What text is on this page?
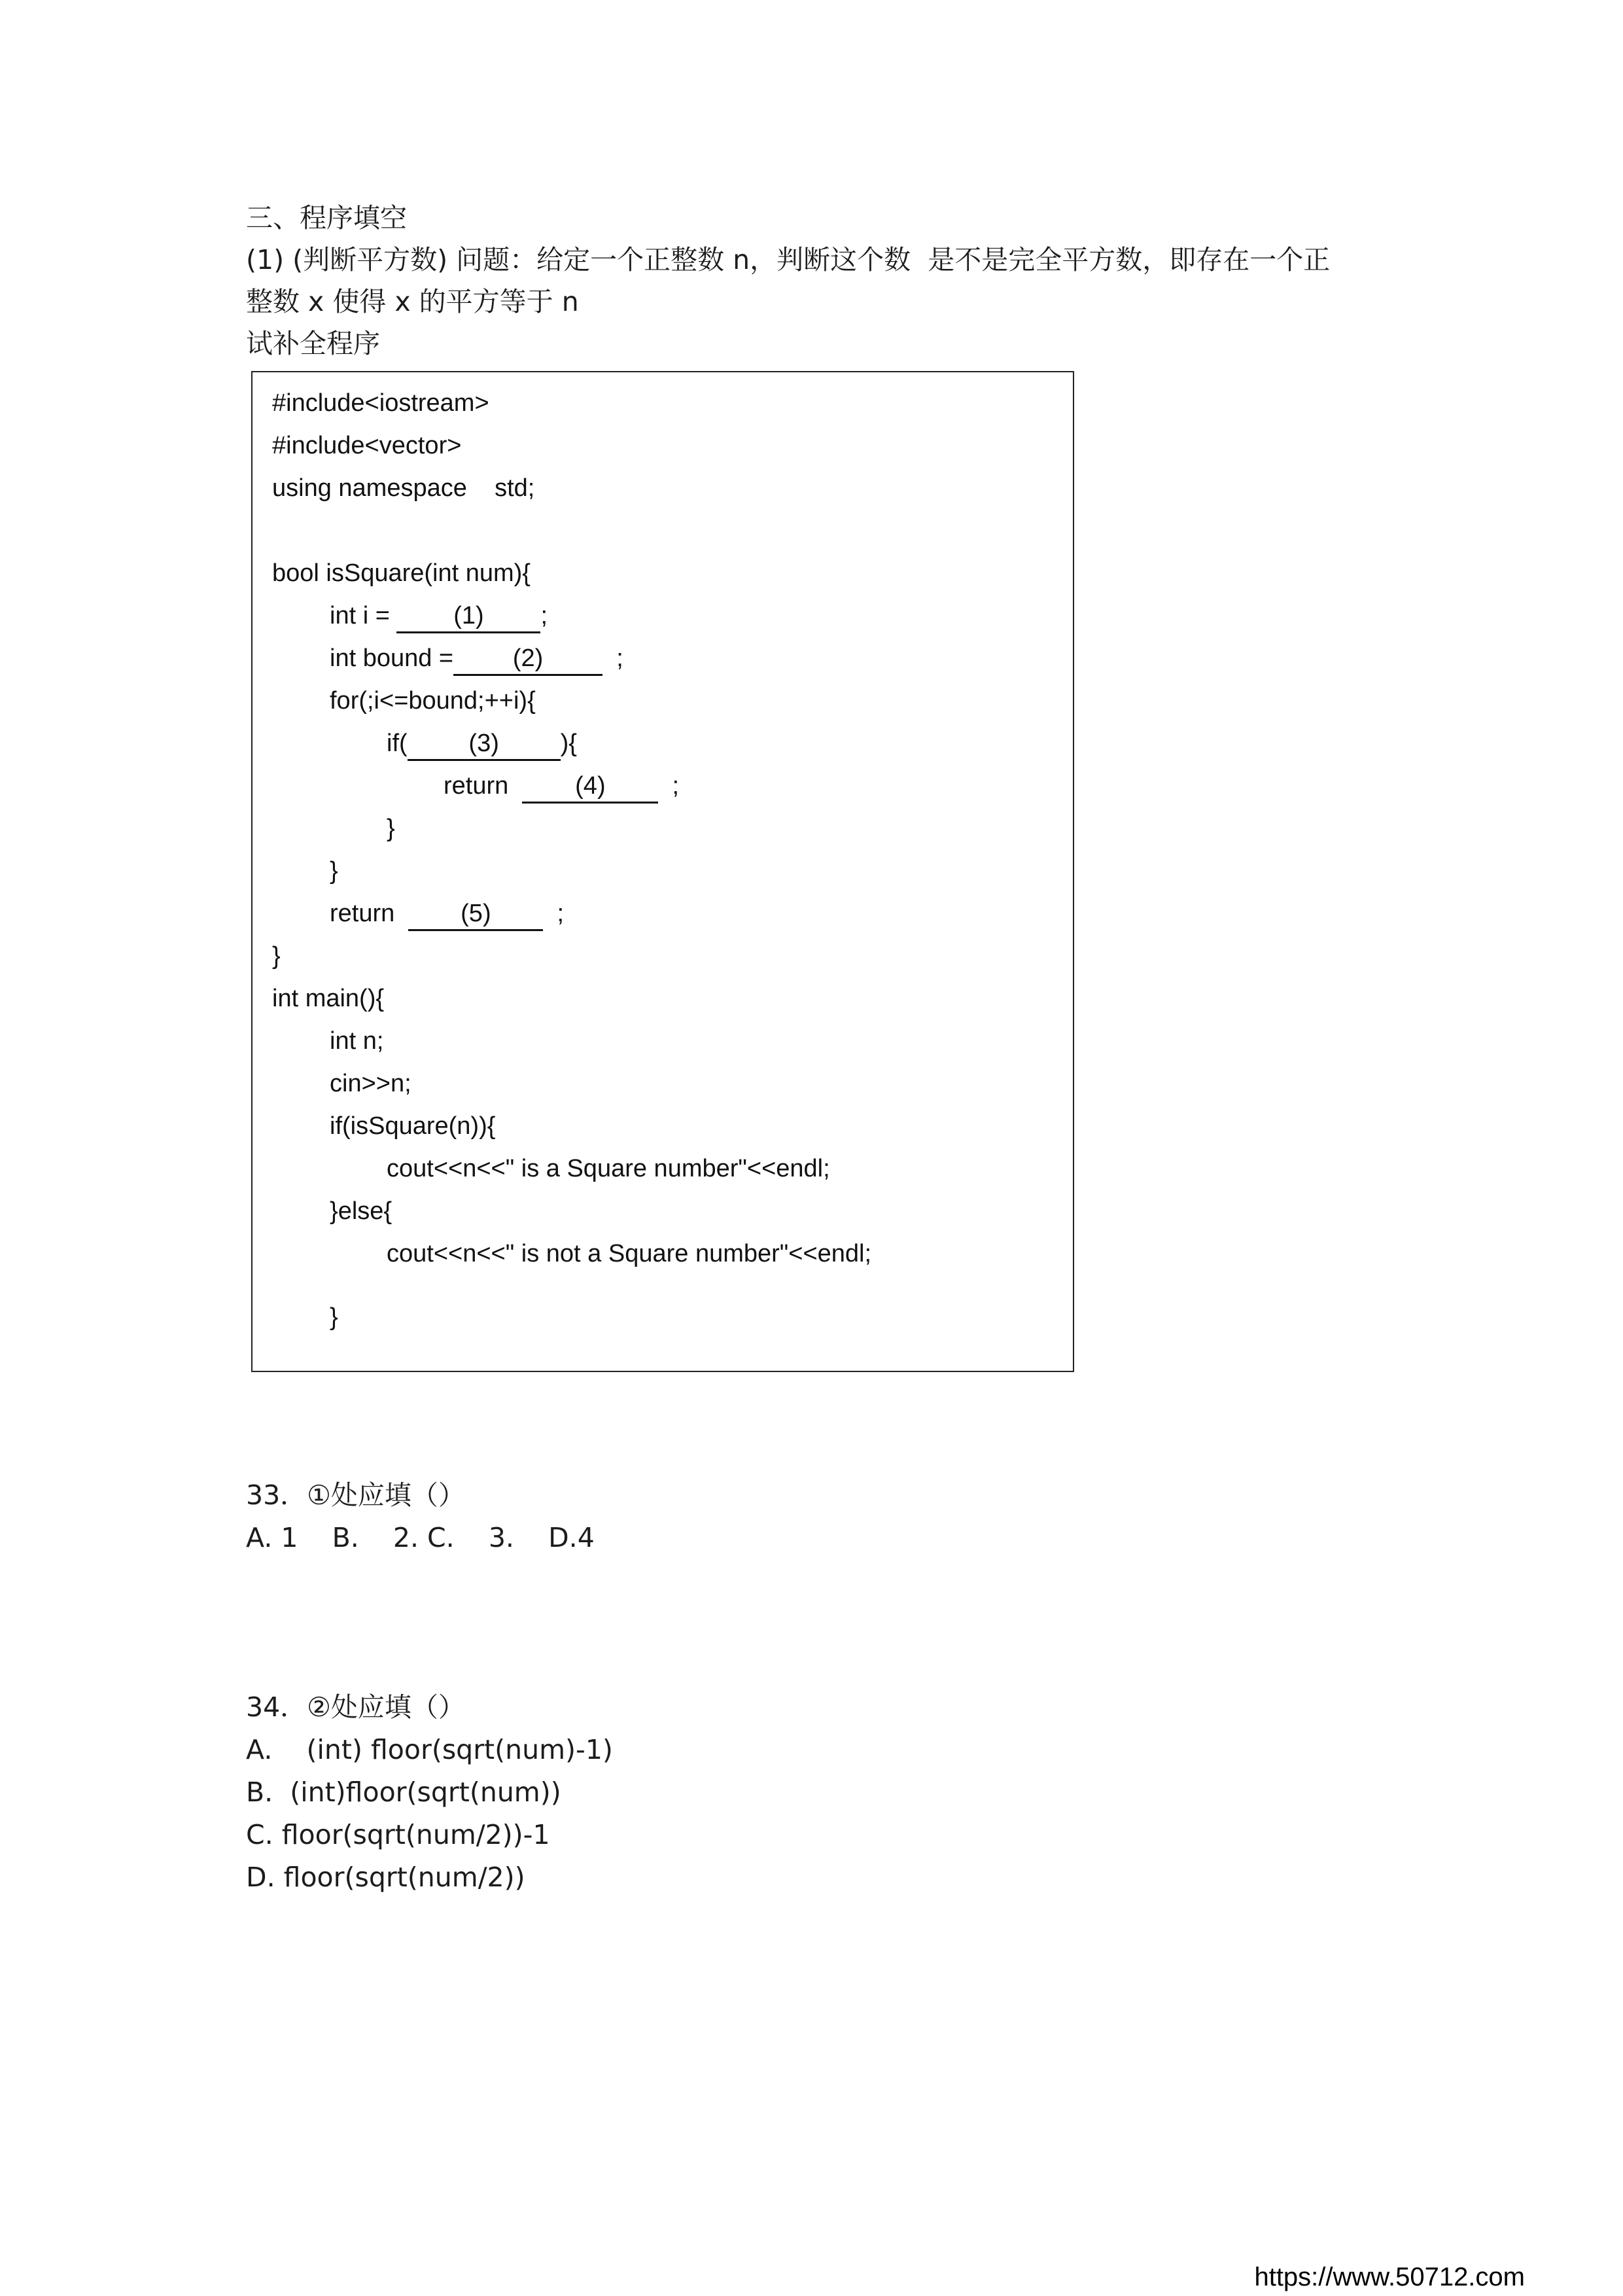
三、程序填空
(1) (判断平方数) 问题：给定一个正整数 n，判断这个数  是不是完全平方数，即存在一个正
整数 x 使得 x 的平方等于 n
试补全程序
#include<iostream>
#include<vector>
using namespace    std;
bool isSquare(int num){
int i = (1) ;
int bound = (2)  ;
for(;i<=bound;++i){
if( (3) ){
return  (4)  ;
}
}
return  (5)  ;
}
int main(){
int n;
cin>>n;
if(isSquare(n)){
cout<<n<<" is a Square number"<<endl;
}else{
cout<<n<<" is not a Square number"<<endl;
}
33．①处应填（）
A. 1    B.    2. C.    3.    D.4
34．②处应填（）
A.    (int) floor(sqrt(num)-1)
B.  (int)floor(sqrt(num))
C. floor(sqrt(num/2))-1
D. floor(sqrt(num/2))
https://www.50712.com
